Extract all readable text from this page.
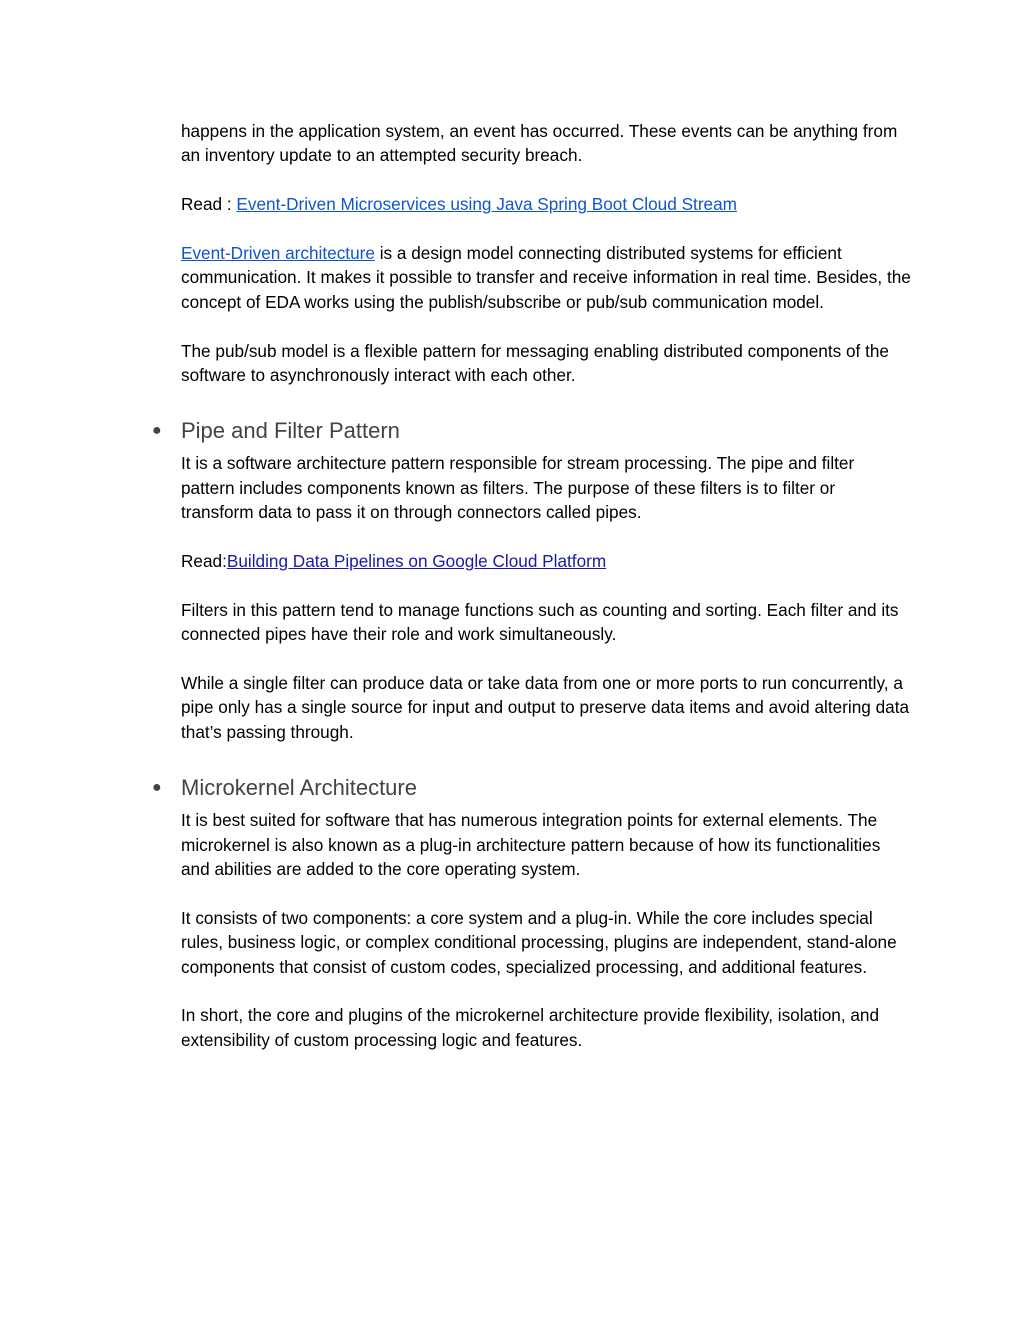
happens in the application system, an event has occurred. These events can be anything from an inventory update to an attempted security breach.

Read : Event-Driven Microservices using Java Spring Boot Cloud Stream

Event-Driven architecture is a design model connecting distributed systems for efficient communication. It makes it possible to transfer and receive information in real time. Besides, the concept of EDA works using the publish/subscribe or pub/sub communication model.

The pub/sub model is a flexible pattern for messaging enabling distributed components of the software to asynchronously interact with each other.

● Pipe and Filter Pattern

It is a software architecture pattern responsible for stream processing. The pipe and filter pattern includes components known as filters. The purpose of these filters is to filter or transform data to pass it on through connectors called pipes.

Read:Building Data Pipelines on Google Cloud Platform

Filters in this pattern tend to manage functions such as counting and sorting. Each filter and its connected pipes have their role and work simultaneously.

While a single filter can produce data or take data from one or more ports to run concurrently, a pipe only has a single source for input and output to preserve data items and avoid altering data that’s passing through.

● Microkernel Architecture

It is best suited for software that has numerous integration points for external elements. The microkernel is also known as a plug-in architecture pattern because of how its functionalities and abilities are added to the core operating system.

It consists of two components: a core system and a plug-in. While the core includes special rules, business logic, or complex conditional processing, plugins are independent, stand-alone components that consist of custom codes, specialized processing, and additional features.

In short, the core and plugins of the microkernel architecture provide flexibility, isolation, and extensibility of custom processing logic and features.
